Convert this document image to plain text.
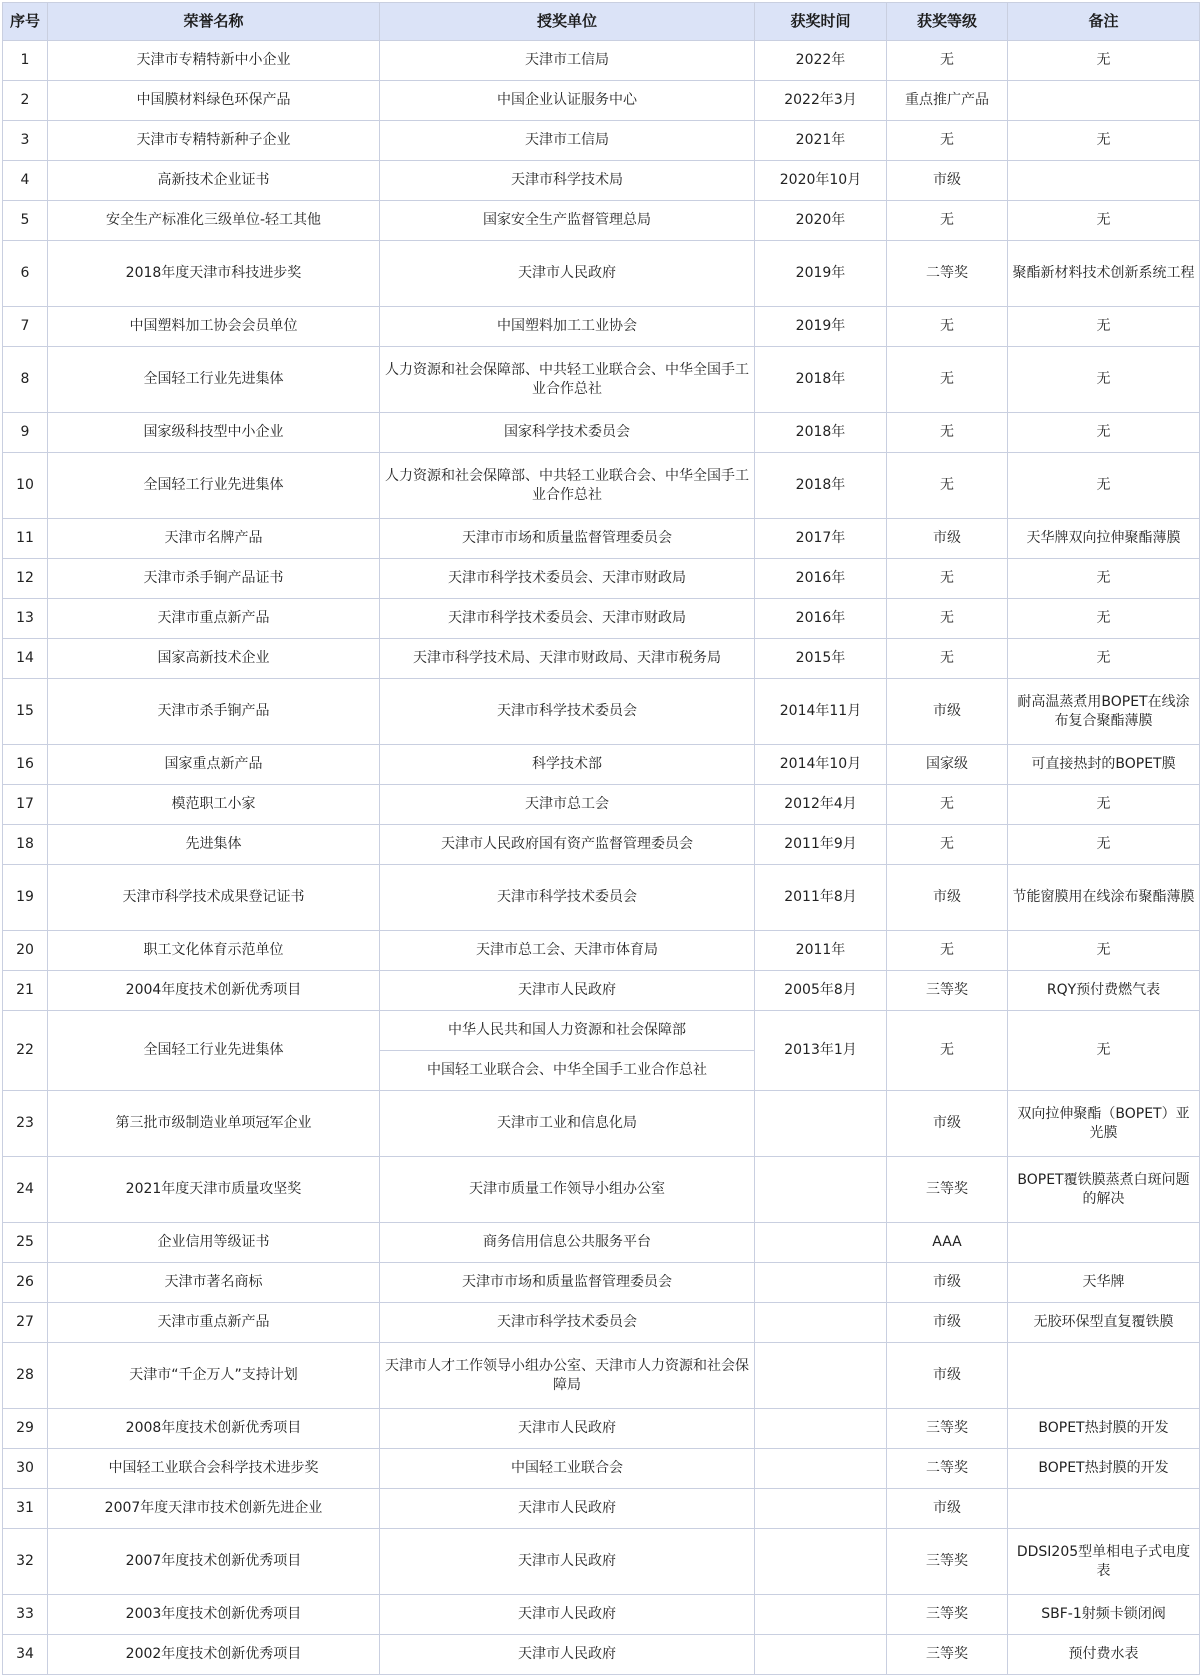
序号	荣誉名称	授奖单位	获奖时间	获奖等级	备注
1	天津市专精特新中小企业	天津市工信局	2022年	无	无
2	中国膜材料绿色环保产品	中国企业认证服务中心	2022年3月	重点推广产品	
3	天津市专精特新种子企业	天津市工信局	2021年	无	无
4	高新技术企业证书	天津市科学技术局	2020年10月	市级	
5	安全生产标准化三级单位-轻工其他	国家安全生产监督管理总局	2020年	无	无
6	2018年度天津市科技进步奖	天津市人民政府	2019年	二等奖	聚酯新材料技术创新系统工程
7	中国塑料加工协会会员单位	中国塑料加工工业协会	2019年	无	无
8	全国轻工行业先进集体	人力资源和社会保障部、中共轻工业联合会、中华全国手工业合作总社	2018年	无	无
9	国家级科技型中小企业	国家科学技术委员会	2018年	无	无
10	全国轻工行业先进集体	人力资源和社会保障部、中共轻工业联合会、中华全国手工业合作总社	2018年	无	无
11	天津市名牌产品	天津市市场和质量监督管理委员会	2017年	市级	天华牌双向拉伸聚酯薄膜
12	天津市杀手锏产品证书	天津市科学技术委员会、天津市财政局	2016年	无	无
13	天津市重点新产品	天津市科学技术委员会、天津市财政局	2016年	无	无
14	国家高新技术企业	天津市科学技术局、天津市财政局、天津市税务局	2015年	无	无
15	天津市杀手锏产品	天津市科学技术委员会	2014年11月	市级	耐高温蒸煮用BOPET在线涂布复合聚酯薄膜
16	国家重点新产品	科学技术部	2014年10月	国家级	可直接热封的BOPET膜
17	模范职工小家	天津市总工会	2012年4月	无	无
18	先进集体	天津市人民政府国有资产监督管理委员会	2011年9月	无	无
19	天津市科学技术成果登记证书	天津市科学技术委员会	2011年8月	市级	节能窗膜用在线涂布聚酯薄膜
20	职工文化体育示范单位	天津市总工会、天津市体育局	2011年	无	无
21	2004年度技术创新优秀项目	天津市人民政府	2005年8月	三等奖	RQY预付费燃气表
22	全国轻工行业先进集体	中华人民共和国人力资源和社会保障部	2013年1月	无	无
		中国轻工业联合会、中华全国手工业合作总社			
23	第三批市级制造业单项冠军企业	天津市工业和信息化局		市级	双向拉伸聚酯（BOPET）亚光膜
24	2021年度天津市质量攻坚奖	天津市质量工作领导小组办公室		三等奖	BOPET覆铁膜蒸煮白斑问题的解决
25	企业信用等级证书	商务信用信息公共服务平台		AAA	
26	天津市著名商标	天津市市场和质量监督管理委员会		市级	天华牌
27	天津市重点新产品	天津市科学技术委员会		市级	无胶环保型直复覆铁膜
28	天津市“千企万人”支持计划	天津市人才工作领导小组办公室、天津市人力资源和社会保障局		市级	
29	2008年度技术创新优秀项目	天津市人民政府		三等奖	BOPET热封膜的开发
30	中国轻工业联合会科学技术进步奖	中国轻工业联合会		二等奖	BOPET热封膜的开发
31	2007年度天津市技术创新先进企业	天津市人民政府		市级	
32	2007年度技术创新优秀项目	天津市人民政府		三等奖	DDSI205型单相电子式电度表
33	2003年度技术创新优秀项目	天津市人民政府		三等奖	SBF-1射频卡锁闭阀
34	2002年度技术创新优秀项目	天津市人民政府		三等奖	预付费水表
